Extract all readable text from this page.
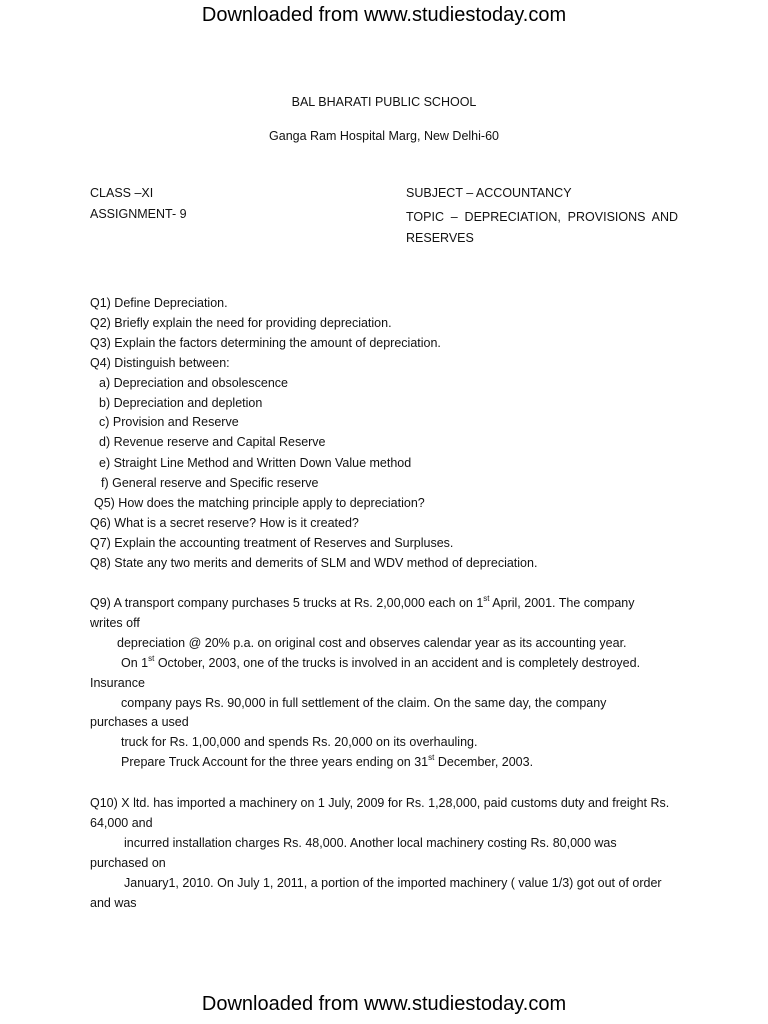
Downloaded from www.studiestoday.com
BAL BHARATI PUBLIC SCHOOL
Ganga Ram Hospital Marg, New Delhi-60
CLASS –XI
ASSIGNMENT- 9
SUBJECT – ACCOUNTANCY
TOPIC – DEPRECIATION, PROVISIONS AND RESERVES
Q1) Define Depreciation.
Q2) Briefly explain the need for providing depreciation.
Q3) Explain the factors determining the amount of depreciation.
Q4) Distinguish between:
a) Depreciation and obsolescence
b) Depreciation and depletion
c) Provision and Reserve
d) Revenue reserve and Capital Reserve
e) Straight Line Method and Written Down Value method
f) General reserve and Specific reserve
Q5) How does the matching principle apply to depreciation?
Q6) What is a secret reserve? How is it created?
Q7) Explain the accounting treatment of Reserves and Surpluses.
Q8) State any two merits and demerits of SLM and WDV method of depreciation.
Q9) A transport company purchases 5 trucks at Rs. 2,00,000 each on 1st April, 2001. The company
writes off
depreciation @ 20% p.a. on original cost and observes calendar year as its accounting year.
On 1st October, 2003, one of the trucks is involved in an accident and is completely destroyed.
Insurance
company pays Rs. 90,000 in full settlement of the claim. On the same day, the company
purchases a used
truck for Rs. 1,00,000 and spends Rs. 20,000 on its overhauling.
Prepare Truck Account for the three years ending on 31st December, 2003.
Q10) X ltd. has imported a machinery on 1 July, 2009 for Rs. 1,28,000, paid customs duty and freight Rs.
64,000 and
incurred installation charges Rs. 48,000. Another local machinery costing Rs. 80,000 was
purchased on
January1, 2010. On July 1, 2011, a portion of the imported machinery ( value 1/3) got out of order
and was
Downloaded from www.studiestoday.com
